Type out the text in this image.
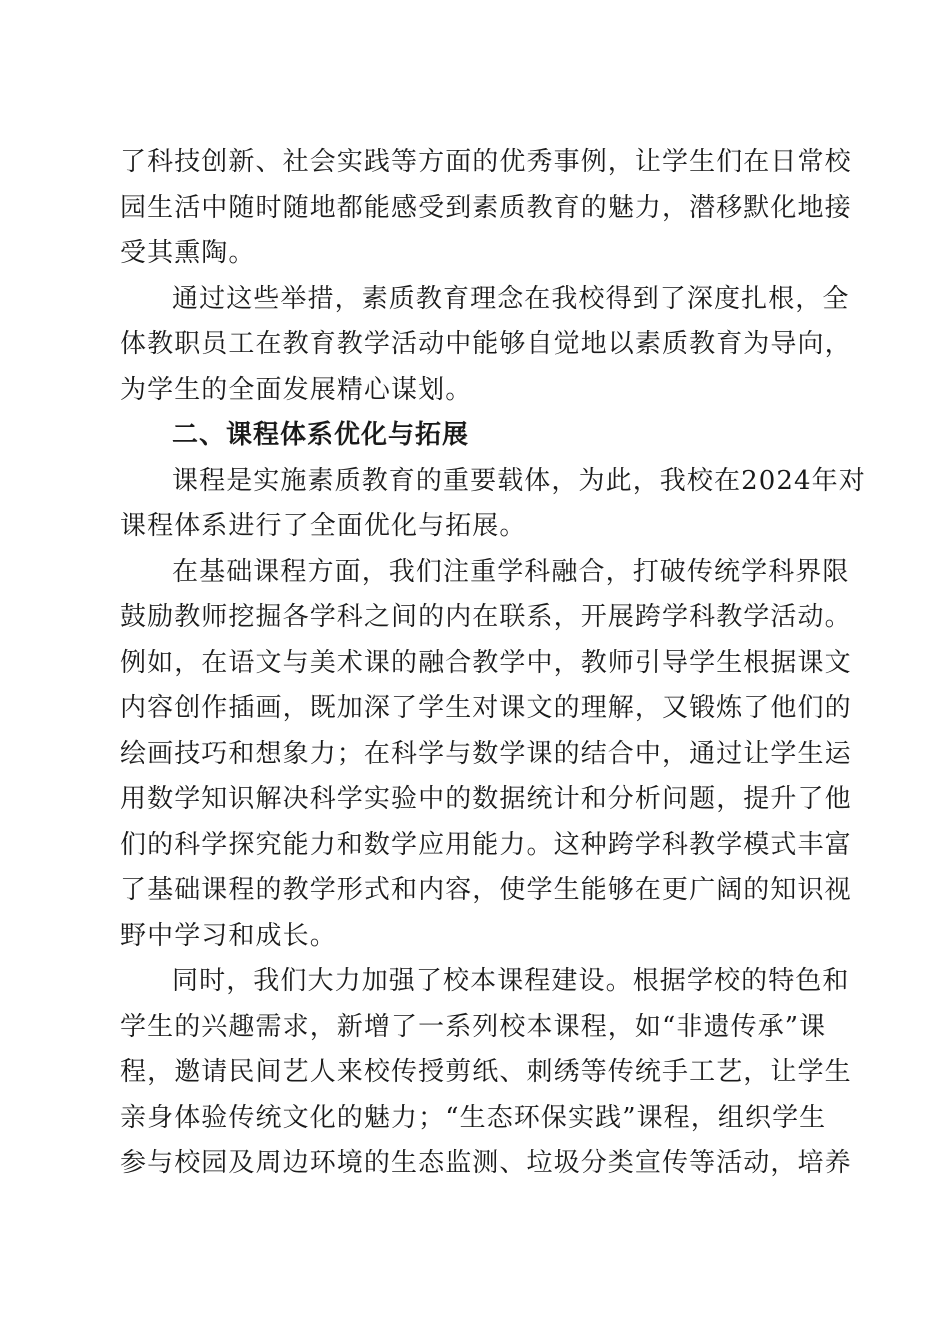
了科技创新、社会实践等方面的优秀事例，让学生们在日常校
园生活中随时随地都能感受到素质教育的魅力，潜移默化地接
受其熏陶。
通过这些举措，素质教育理念在我校得到了深度扎根，全
体教职员工在教育教学活动中能够自觉地以素质教育为导向，
为学生的全面发展精心谋划。
二、课程体系优化与拓展
课程是实施素质教育的重要载体，为此，我校在2024年对
课程体系进行了全面优化与拓展。
在基础课程方面，我们注重学科融合，打破传统学科界限
鼓励教师挖掘各学科之间的内在联系，开展跨学科教学活动。
例如，在语文与美术课的融合教学中，教师引导学生根据课文
内容创作插画，既加深了学生对课文的理解，又锻炼了他们的
绘画技巧和想象力；在科学与数学课的结合中，通过让学生运
用数学知识解决科学实验中的数据统计和分析问题，提升了他
们的科学探究能力和数学应用能力。这种跨学科教学模式丰富
了基础课程的教学形式和内容，使学生能够在更广阔的知识视
野中学习和成长。
同时，我们大力加强了校本课程建设。根据学校的特色和
学生的兴趣需求，新增了一系列校本课程，如“非遗传承”课
程，邀请民间艺人来校传授剪纸、刺绣等传统手工艺，让学生
亲身体验传统文化的魅力；“生态环保实践”课程，组织学生
参与校园及周边环境的生态监测、垃圾分类宣传等活动，培养
